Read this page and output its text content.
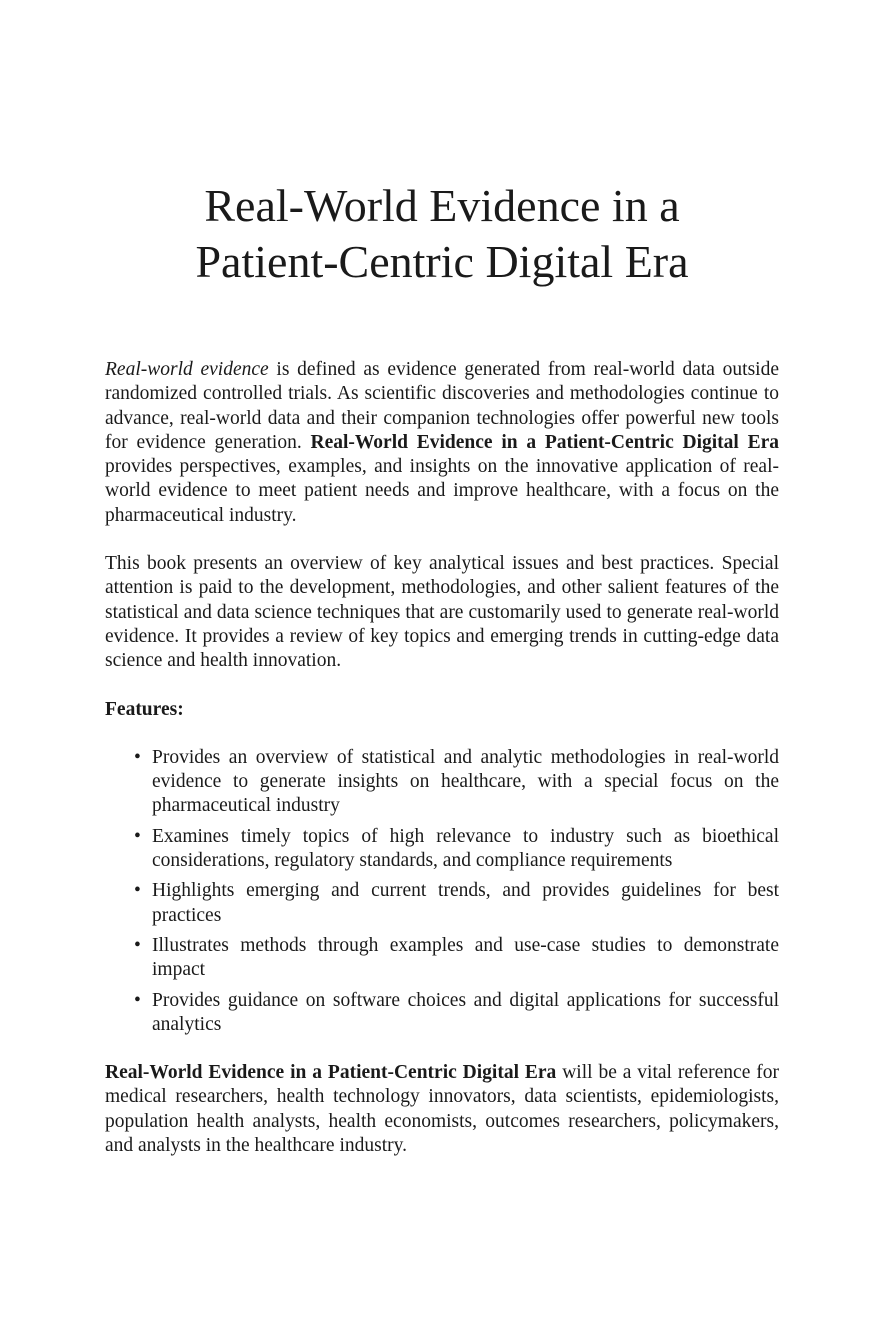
Real-World Evidence in a
Patient-Centric Digital Era

Real-world evidence is defined as evidence generated from real-world data outside randomized controlled trials. As scientific discoveries and methodologies continue to advance, real-world data and their companion technologies offer powerful new tools for evidence generation. Real-World Evidence in a Patient-Centric Digital Era provides perspectives, examples, and insights on the innovative application of real-world evidence to meet patient needs and improve healthcare, with a focus on the pharmaceutical industry.

This book presents an overview of key analytical issues and best practices. Special attention is paid to the development, methodologies, and other salient features of the statistical and data science techniques that are customarily used to generate real-world evidence. It provides a review of key topics and emerging trends in cutting-edge data science and health innovation.

Features:

• Provides an overview of statistical and analytic methodologies in real-world evidence to generate insights on healthcare, with a special focus on the pharmaceutical industry
• Examines timely topics of high relevance to industry such as bioethical considerations, regulatory standards, and compliance requirements
• Highlights emerging and current trends, and provides guidelines for best practices
• Illustrates methods through examples and use-case studies to demonstrate impact
• Provides guidance on software choices and digital applications for successful analytics

Real-World Evidence in a Patient-Centric Digital Era will be a vital reference for medical researchers, health technology innovators, data scientists, epidemiologists, population health analysts, health economists, outcomes researchers, policymakers, and analysts in the healthcare industry.
